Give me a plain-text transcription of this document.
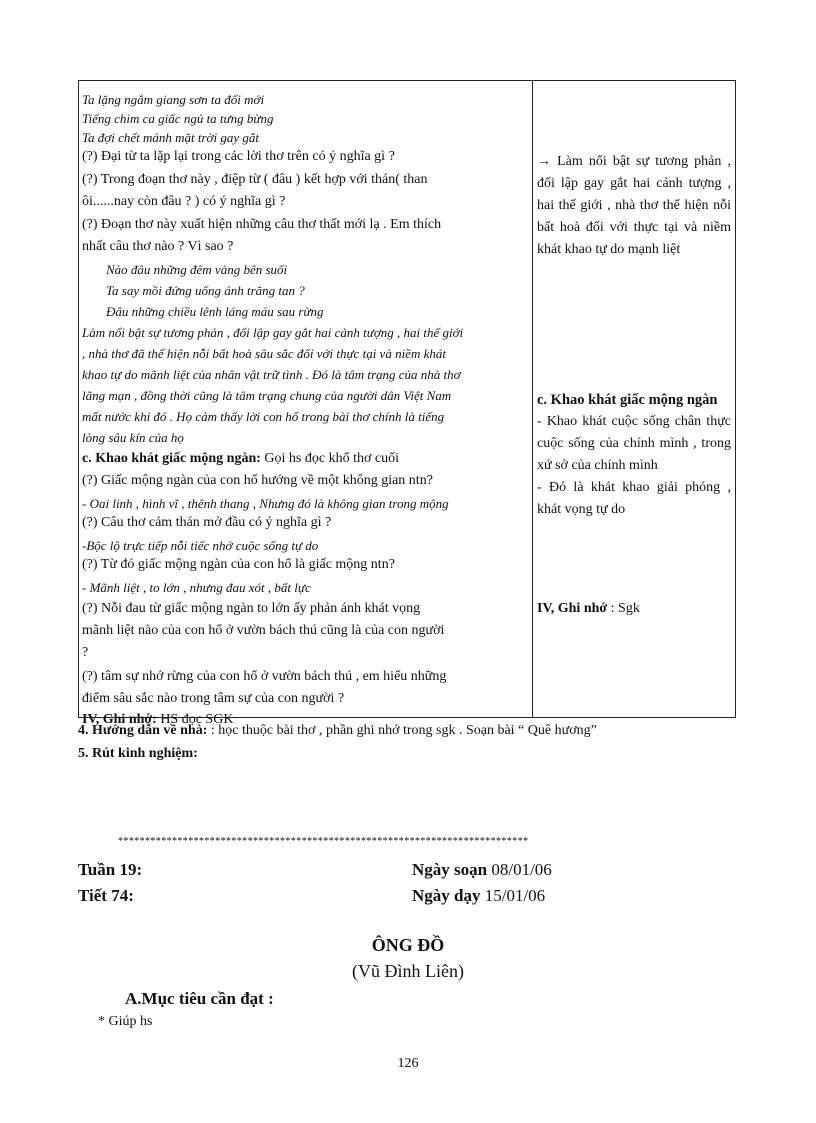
Ta lặng ngắm giang sơn ta đổi mới
Tiếng chim ca giấc ngủ ta tưng bừng
Ta đợi chết mảnh mặt trời gay gắt
(?) Đại từ ta lặp lại trong các lời thơ trên có ý nghĩa gì ?
(?) Trong đoạn thơ này , điệp từ ( đâu ) kết hợp với thán( than
ôi......nay còn đâu ? ) có ý nghĩa gì ?
(?) Đoạn thơ này xuất hiện những câu thơ thất mới lạ . Em thích
nhất câu thơ nào ? Vì sao ?
Nào đâu những đêm vàng bên suối
Ta say mồi đứng uống ánh trăng tan ?
Đâu những chiều lênh láng máu sau rừng
Làm nổi bật sự tương phản , đối lập gay gắt hai cảnh tượng , hai thế giới
, nhà thơ đã thể hiện nỗi bất hoà sâu sắc đối với thực tại và niềm khát
khao tự do mãnh liệt của nhân vật trữ tình . Đó là tâm trạng của nhà thơ
lãng mạn , đồng thời cũng là tâm trạng chung của người dân Việt Nam
mất nước khi đó . Họ cảm thấy lời con hổ trong bài thơ chính là tiếng
lòng sâu kín của họ
c. Khao khát giấc mộng ngàn: Gọi hs đọc khổ thơ cuối
(?) Giấc mộng ngàn của con hổ hướng về một không gian ntn?
- Oai linh , hình vĩ , thênh thang , Nhưng đó là không gian trong mộng
(?) Câu thơ cảm thán mở đầu có ý nghĩa gì ?
-Bộc lộ trực tiếp nỗi tiếc nhớ cuộc sống tự do
(?) Từ đó giấc mộng ngàn của con hổ là giấc mộng ntn?
- Mãnh liệt , to lớn , nhưng đau xót , bất lực
(?) Nỗi đau từ giấc mộng ngàn to lớn ấy phản ánh khát vọng
mãnh liệt nào của con hổ ở vườn bách thú cũng là của con người
?
(?) tâm sự nhớ rừng của con hổ ở vườn bách thú , em hiểu những
điểm sâu sắc nào trong tâm sự của con người ?
IV, Ghi nhớ: HS đọc SGK
→ Làm nổi bật sự tương phản , đối lập gay gắt hai cảnh tượng , hai thế giới , nhà thơ thể hiện nỗi bất hoà đối với thực tại và niềm khát khao tự do mạnh liệt
c. Khao khát giấc mộng ngàn
- Khao khát cuộc sống chân thực cuộc sống của chính mình , trong xứ sở của chính mình
- Đó là khát khao giải phóng , khát vọng tự do
IV, Ghi nhớ : Sgk
4. Hướng dẫn về nhà: : học thuộc bài thơ , phần ghi nhớ trong sgk . Soạn bài “ Quê hương”
5. Rút kinh nghiệm:
****************************************************************************
Tuần 19:
Tiết 74:
Ngày soạn 08/01/06
Ngày dạy 15/01/06
ÔNG ĐỒ
(Vũ Đình Liên)
A.Mục tiêu cần đạt :
* Giúp hs
126
